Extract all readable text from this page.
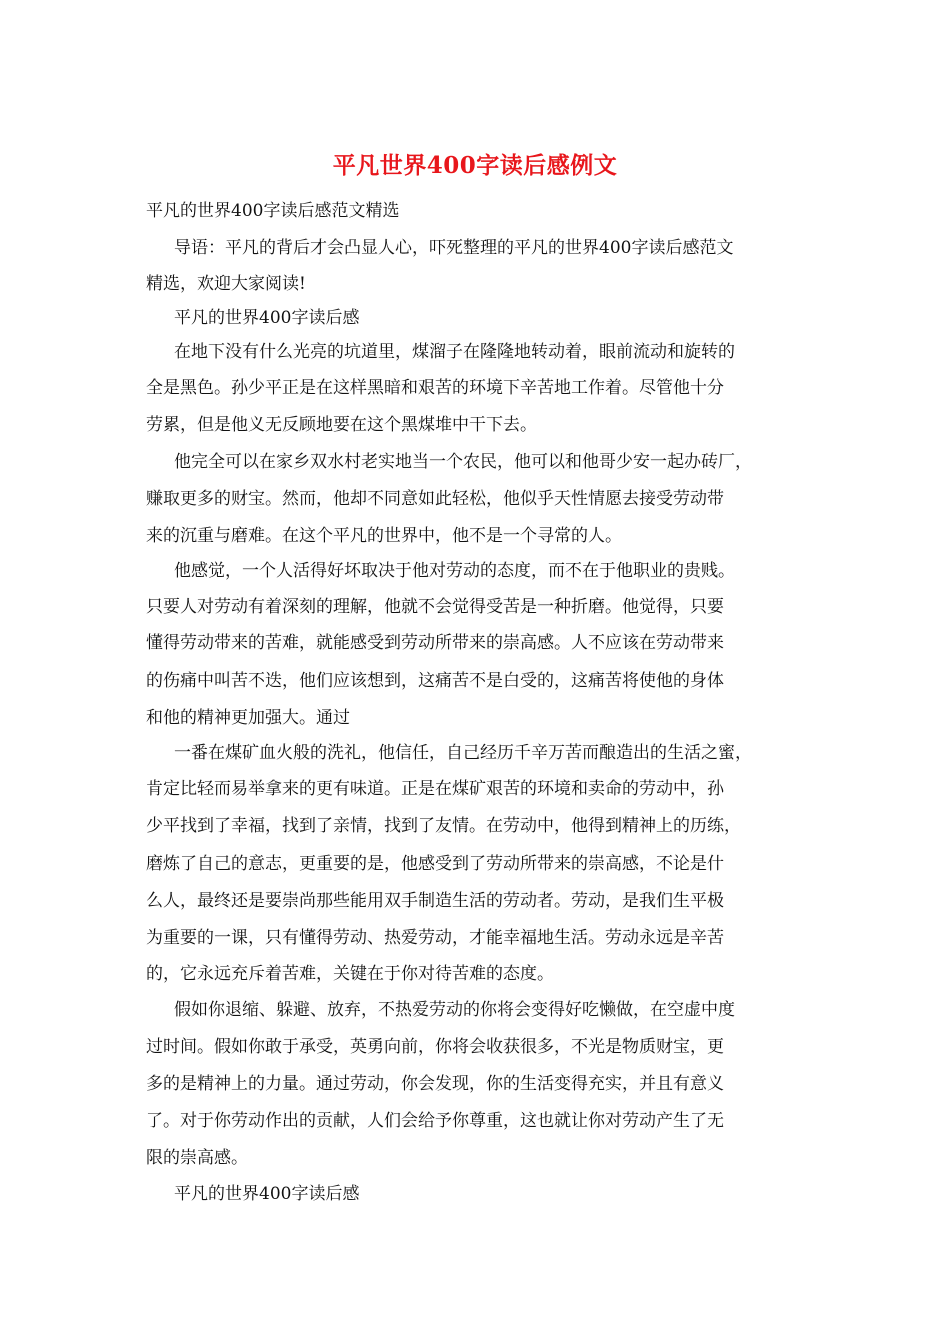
平凡世界400字读后感例文
平凡的世界400字读后感范文精选
导语：平凡的背后才会凸显人心，吓死整理的平凡的世界400字读后感范文
精选，欢迎大家阅读!
平凡的世界400字读后感
在地下没有什么光亮的坑道里，煤溜子在隆隆地转动着，眼前流动和旋转的
全是黑色。孙少平正是在这样黑暗和艰苦的环境下辛苦地工作着。尽管他十分
劳累，但是他义无反顾地要在这个黑煤堆中干下去。
他完全可以在家乡双水村老实地当一个农民，他可以和他哥少安一起办砖厂，
赚取更多的财宝。然而，他却不同意如此轻松，他似乎天性情愿去接受劳动带
来的沉重与磨难。在这个平凡的世界中，他不是一个寻常的人。
他感觉，一个人活得好坏取决于他对劳动的态度，而不在于他职业的贵贱。
只要人对劳动有着深刻的理解，他就不会觉得受苦是一种折磨。他觉得，只要
懂得劳动带来的苦难，就能感受到劳动所带来的崇高感。人不应该在劳动带来
的伤痛中叫苦不迭，他们应该想到，这痛苦不是白受的，这痛苦将使他的身体
和他的精神更加强大。通过
一番在煤矿血火般的洗礼，他信任，自己经历千辛万苦而酿造出的生活之蜜，
肯定比轻而易举拿来的更有味道。正是在煤矿艰苦的环境和卖命的劳动中，孙
少平找到了幸福，找到了亲情，找到了友情。在劳动中，他得到精神上的历练，
磨炼了自己的意志，更重要的是，他感受到了劳动所带来的崇高感，不论是什
么人，最终还是要崇尚那些能用双手制造生活的劳动者。劳动，是我们生平极
为重要的一课，只有懂得劳动、热爱劳动，才能幸福地生活。劳动永远是辛苦
的，它永远充斥着苦难，关键在于你对待苦难的态度。
假如你退缩、躲避、放弃，不热爱劳动的你将会变得好吃懒做，在空虚中度
过时间。假如你敢于承受，英勇向前，你将会收获很多，不光是物质财宝，更
多的是精神上的力量。通过劳动，你会发现，你的生活变得充实，并且有意义
了。对于你劳动作出的贡献，人们会给予你尊重，这也就让你对劳动产生了无
限的崇高感。
平凡的世界400字读后感
